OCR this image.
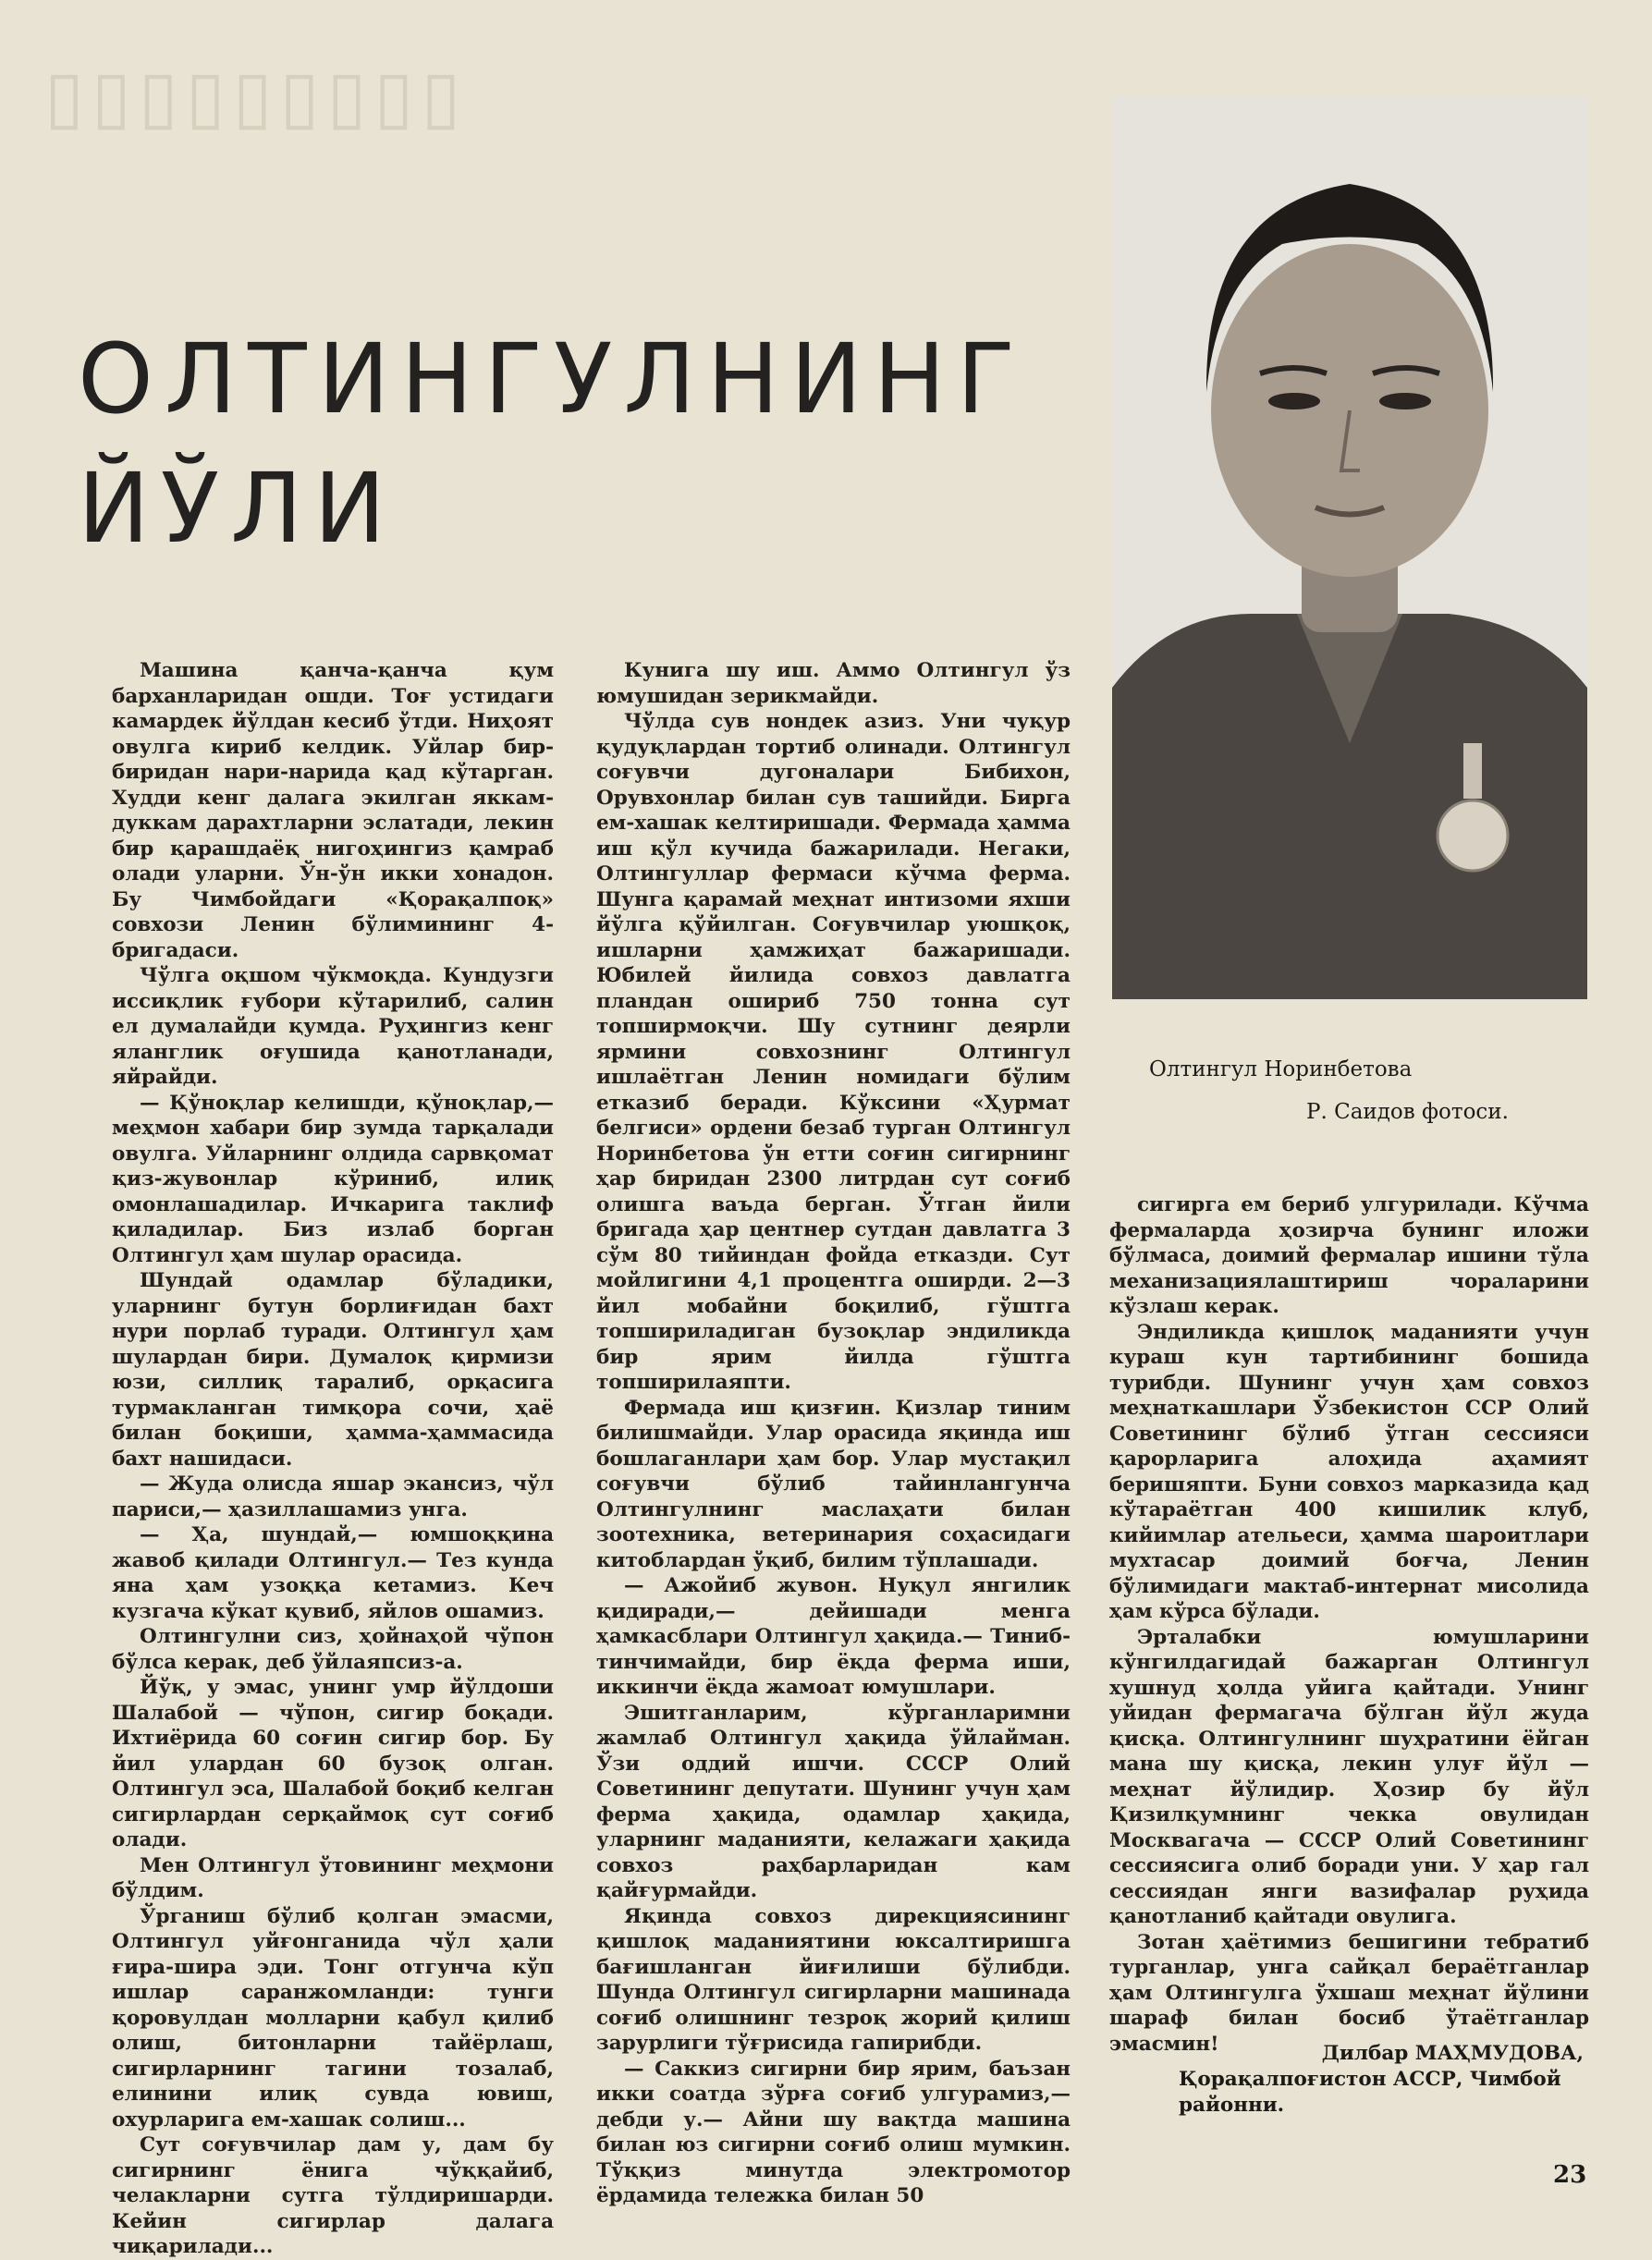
▯▯▯▯▯▯▯▯▯
ОЛТИНГУЛНИНГ
ЙЎЛИ

Олтингул Норинбетова

Р. Саидов фотоси.

Машина қанча-қанча қум барханларидан ошди. Тоғ устидаги камардек йўлдан кесиб ўтди. Ниҳоят овулга кириб келдик. Уйлар бир-биридан нари-нарида қад кўтарган. Худди кенг далага экилган яккам-дуккам дарахтларни эслатади, лекин бир қарашдаёқ нигоҳингиз қамраб олади уларни. Ўн-ўн икки хонадон. Бу Чимбойдаги «Қорақалпоқ» совхози Ленин бўлимининг 4-бригадаси.

Чўлга оқшом чўкмоқда. Кундузги иссиқлик ғубори кўтарилиб, салин ел думалайди қумда. Руҳингиз кенг яланглик оғушида қанотланади, яйрайди.

— Қўноқлар келишди, қўноқлар,— меҳмон хабари бир зумда тарқалади овулга. Уйларнинг олдида сарвқомат қиз-жувонлар кўриниб, илиқ омонлашадилар. Ичкарига таклиф қиладилар. Биз излаб борган Олтингул ҳам шулар орасида.

Шундай одамлар бўладики, уларнинг бутун борлиғидан бахт нури порлаб туради. Олтингул ҳам шулардан бири. Думалоқ қирмизи юзи, силлиқ таралиб, орқасига турмакланган тимқора сочи, ҳаё билан боқиши, ҳамма-ҳаммасида бахт нашидаси.

— Жуда олисда яшар экансиз, чўл париси,— ҳазиллашамиз унга.

— Ҳа, шундай,— юмшоққина жавоб қилади Олтингул.— Тез кунда яна ҳам узоққа кетамиз. Кеч кузгача кўкат қувиб, яйлов ошамиз.

Олтингулни сиз, ҳойнаҳой чўпон бўлса керак, деб ўйлаяпсиз-а.

Йўқ, у эмас, унинг умр йўлдоши Шалабой — чўпон, сигир боқади. Ихтиёрида 60 соғин сигир бор. Бу йил улардан 60 бузоқ олган. Олтингул эса, Шалабой боқиб келган сигирлардан серқаймоқ сут соғиб олади.

Мен Олтингул ўтовининг меҳмони бўлдим.

Ўрганиш бўлиб қолган эмасми, Олтингул уйғонганида чўл ҳали ғира-шира эди. Тонг отгунча кўп ишлар саранжомланди: тунги қоровулдан молларни қабул қилиб олиш, битонларни тайёрлаш, сигирларнинг тагини тозалаб, елинини илиқ сувда ювиш, охурларига ем-хашак солиш...

Сут соғувчилар дам у, дам бу сигирнинг ёнига чўққайиб, челакларни сутга тўлдиришарди. Кейин сигирлар далага чиқарилади...

Кунига шу иш. Аммо Олтингул ўз юмушидан зерикмайди.

Чўлда сув нондек азиз. Уни чуқур қудуқлардан тортиб олинади. Олтингул соғувчи дугоналари Бибихон, Орувхонлар билан сув ташийди. Бирга ем-хашак келтиришади. Фермада ҳамма иш қўл кучида бажарилади. Негаки, Олтингуллар фермаси кўчма ферма. Шунга қарамай меҳнат интизоми яхши йўлга қўйилган. Соғувчилар уюшқоқ, ишларни ҳамжиҳат бажаришади. Юбилей йилида совхоз давлатга пландан ошириб 750 тонна сут топширмоқчи. Шу сутнинг деярли ярмини совхознинг Олтингул ишлаётган Ленин номидаги бўлим етказиб беради. Кўксини «Ҳурмат белгиси» ордени безаб турган Олтингул Норинбетова ўн етти соғин сигирнинг ҳар биридан 2300 литрдан сут соғиб олишга ваъда берган. Ўтган йили бригада ҳар центнер сутдан давлатга 3 сўм 80 тийиндан фойда етказди. Сут мойлигини 4,1 процентга оширди. 2—3 йил мобайни боқилиб, гўштга топшириладиган бузоқлар эндиликда бир ярим йилда гўштга топширилаяпти.

Фермада иш қизғин. Қизлар тиним билишмайди. Улар орасида яқинда иш бошлаганлари ҳам бор. Улар мустақил соғувчи бўлиб тайинлангунча Олтингулнинг маслаҳати билан зоотехника, ветеринария соҳасидаги китоблардан ўқиб, билим тўплашади.

— Ажойиб жувон. Нуқул янгилик қидиради,— дейишади менга ҳамкасблари Олтингул ҳақида.— Тиниб-тинчимайди, бир ёқда ферма иши, иккинчи ёқда жамоат юмушлари.

Эшитганларим, кўрганларимни жамлаб Олтингул ҳақида ўйлайман. Ўзи оддий ишчи. СССР Олий Советининг депутати. Шунинг учун ҳам ферма ҳақида, одамлар ҳақида, уларнинг маданияти, келажаги ҳақида совхоз раҳбарларидан кам қайғурмайди.

Яқинда совхоз дирекциясининг қишлоқ маданиятини юксалтиришга бағишланган йиғилиши бўлибди. Шунда Олтингул сигирларни машинада соғиб олишнинг тезроқ жорий қилиш зарурлиги тўғрисида гапирибди.

— Саккиз сигирни бир ярим, баъзан икки соатда зўрға соғиб улгурамиз,— дебди у.— Айни шу вақтда машина билан юз сигирни соғиб олиш мумкин. Тўққиз минутда электромотор ёрдамида тележка билан 50

сигирга ем бериб улгурилади. Кўчма фермаларда ҳозирча бунинг иложи бўлмаса, доимий фермалар ишини тўла механизациялаштириш чораларини кўзлаш керак.

Эндиликда қишлоқ маданияти учун кураш кун тартибининг бошида турибди. Шунинг учун ҳам совхоз меҳнаткашлари Ўзбекистон ССР Олий Советининг бўлиб ўтган сессияси қарорларига алоҳида аҳамият беришяпти. Буни совхоз марказида қад кўтараётган 400 кишилик клуб, кийимлар ательеси, ҳамма шароитлари мухтасар доимий боғча, Ленин бўлимидаги мактаб-интернат мисолида ҳам кўрса бўлади.

Эрталабки юмушларини кўнгилдагидай бажарган Олтингул хушнуд ҳолда уйига қайтади. Унинг уйидан фермагача бўлган йўл жуда қисқа. Олтингулнинг шуҳратини ёйган мана шу қисқа, лекин улуғ йўл — меҳнат йўлидир. Ҳозир бу йўл Қизилқумнинг чекка овулидан Москвагача — СССР Олий Советининг сессиясига олиб боради уни. У ҳар гал сессиядан янги вазифалар руҳида қанотланиб қайтади овулига.

Зотан ҳаётимиз бешигини тебратиб турганлар, унга сайқал бераётганлар ҳам Олтингулга ўхшаш меҳнат йўлини шараф билан босиб ўтаётганлар эмасмин!	Дилбар МАҲМУДОВА,
Қорақалпоғистон АССР, Чимбой
районни.
23
